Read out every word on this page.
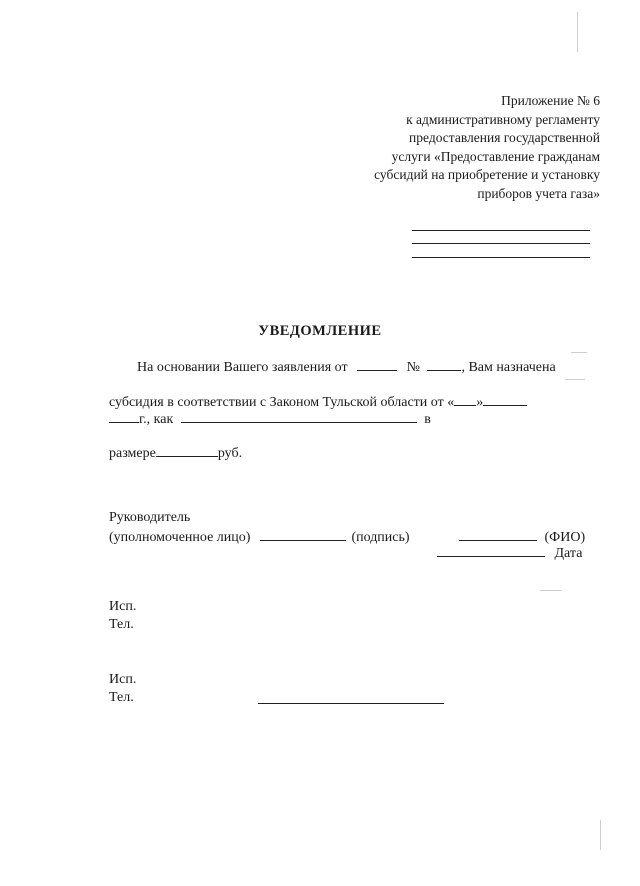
Приложение № 6
к административному регламенту
предоставления государственной
услуги «Предоставление гражданам
субсидий на приобретение и установку
приборов учета газа»
УВЕДОМЛЕНИЕ
На основании Вашего заявления от	№	, Вам назначена
субсидия в соответствии с Законом Тульской области от « »
г., как	в
размере	руб.
Руководитель
(уполномоченное лицо)	(подпись)	(ФИО)
Дата
Исп.
Тел.
Исп.
Тел.
